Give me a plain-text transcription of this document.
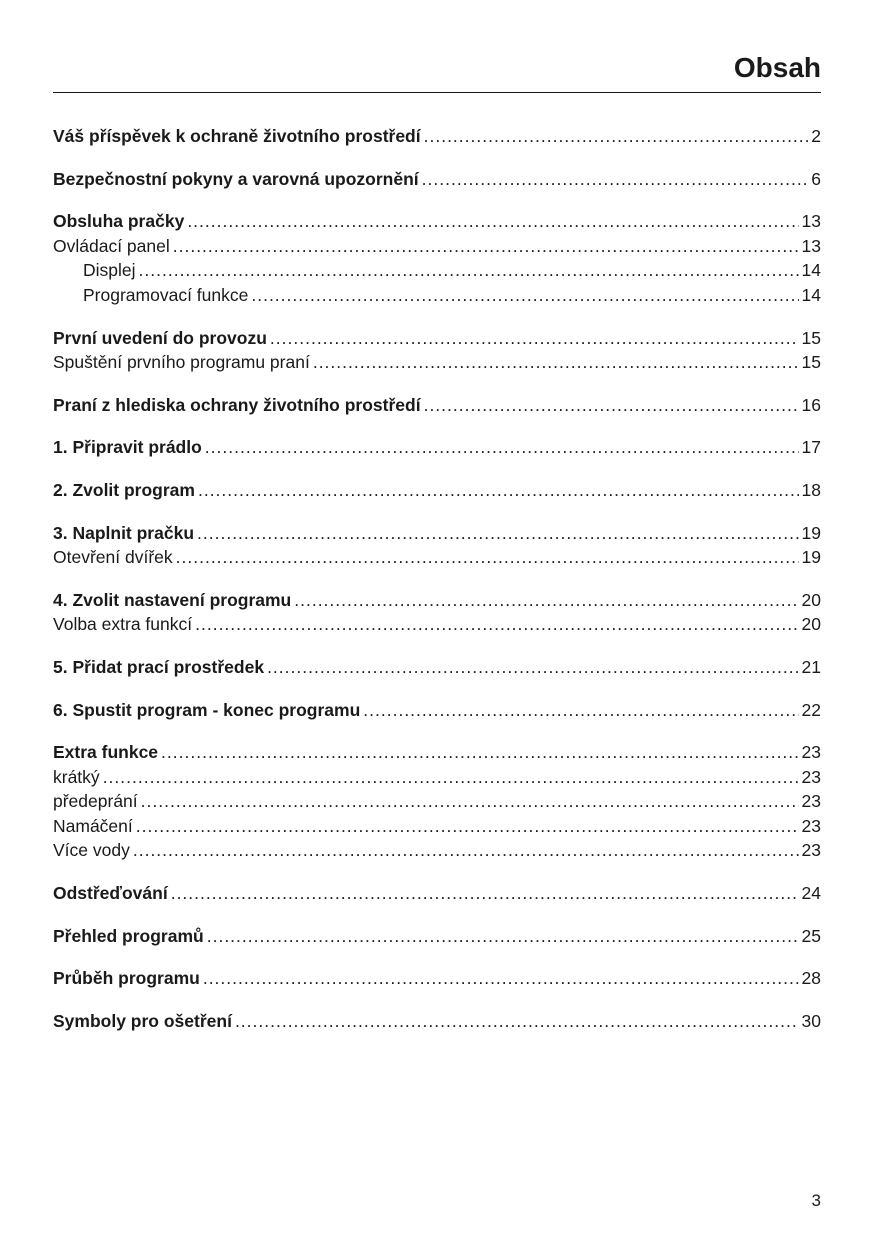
Obsah
Váš příspěvek k ochraně životního prostředí .....	2
Bezpečnostní pokyny a varovná upozornění .....	6
Obsluha pračky .....	13
Ovládací panel .....	13
Displej .....	14
Programovací funkce .....	14
První uvedení do provozu .....	15
Spuštění prvního programu praní .....	15
Praní z hlediska ochrany životního prostředí .....	16
1. Připravit prádlo .....	17
2. Zvolit program .....	18
3. Naplnit pračku .....	19
Otevření dvířek .....	19
4. Zvolit nastavení programu .....	20
Volba extra funkcí .....	20
5. Přidat prací prostředek .....	21
6. Spustit program - konec programu .....	22
Extra funkce .....	23
krátký .....	23
předeprání .....	23
Namáčení .....	23
Více vody .....	23
Odstřeďování .....	24
Přehled programů .....	25
Průběh programu .....	28
Symboly pro ošetření .....	30
3
